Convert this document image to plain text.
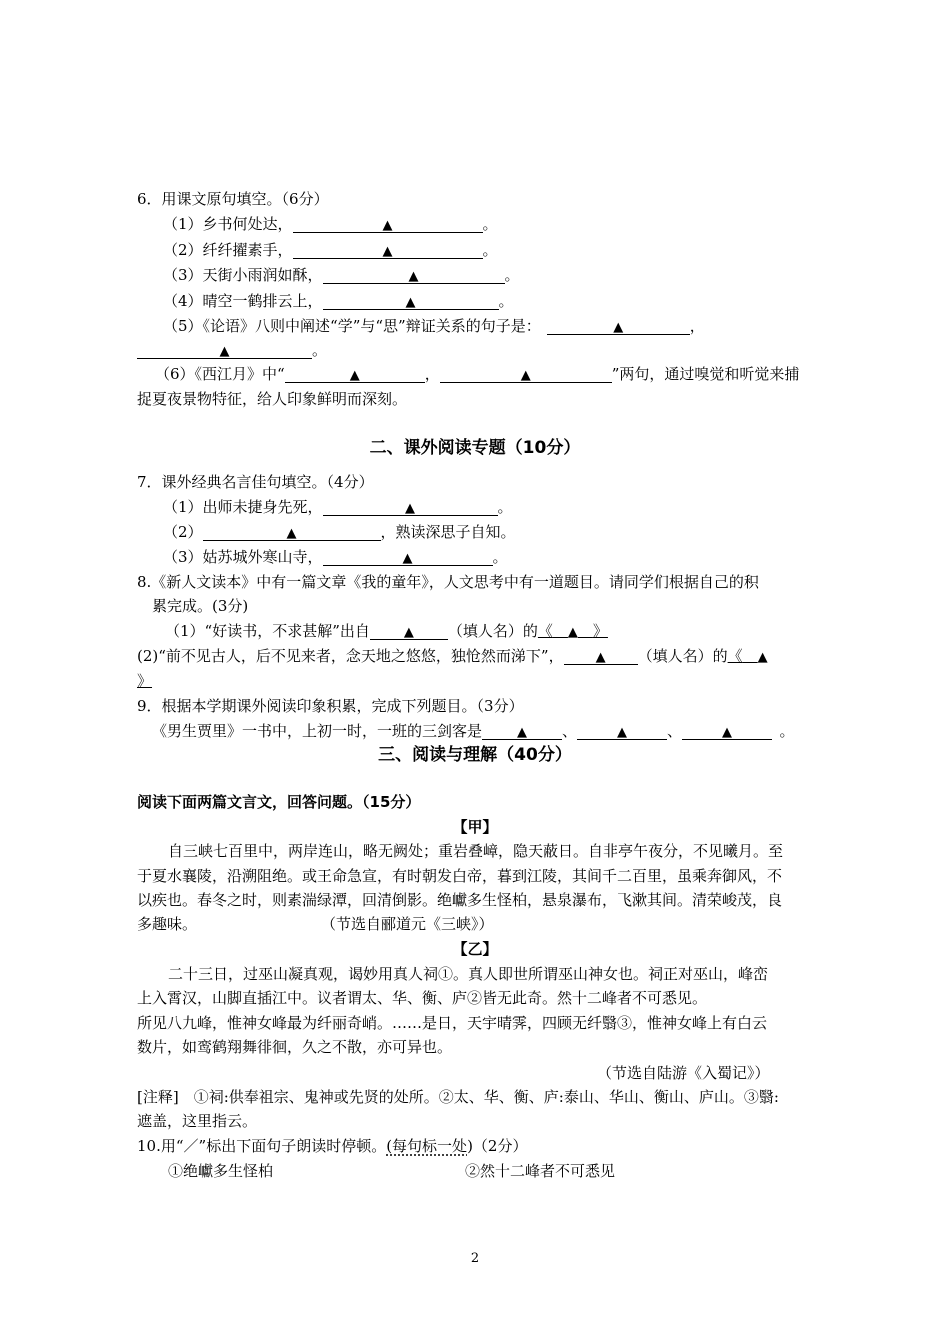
6．用课文原句填空。（6分）
（1）乡书何处达，	▲	。
（2）纤纤擢素手，	▲	。
（3）天街小雨润如酥，	▲	。
（4）晴空一鹤排云上，	▲	。
（5）《论语》八则中阐述“学”与“思”辩证关系的句子是：	▲	，
▲	。
（6）《西江月》中“	▲	，	▲	”两句，通过嗅觉和听觉来捕
捉夏夜景物特征，给人印象鲜明而深刻。
二、课外阅读专题（10分）
7．课外经典名言佳句填空。（4分）
（1）出师未捷身先死，	▲	。
（2）	▲	，熟读深思子自知。
（3）姑苏城外寒山寺，	▲	。
8.《新人文读本》中有一篇文章《我的童年》，人文思考中有一道题目。请同学们根据自己的积
累完成。(3分)
（1）“好读书，不求甚解”出自	▲ （填人名）的《  ▲  》
(2)“前不见古人，后不见来者，念天地之悠悠，独怆然而涕下”， ▲ （填人名）的《  ▲
》
9．根据本学期课外阅读印象积累，完成下列题目。（3分）
《男生贾里》一书中，上初一时，一班的三剑客是	▲ 、	▲	、	▲ 	。
三、阅读与理解（40分）
阅读下面两篇文言文，回答问题。（15分）
【甲】
自三峡七百里中，两岸连山，略无阙处；重岩叠嶂，隐天蔽日。自非亭午夜分，不见曦月。至
于夏水襄陵，沿溯阻绝。或王命急宣，有时朝发白帝，暮到江陵，其间千二百里，虽乘奔御风，不
以疾也。春冬之时，则素湍绿潭，回清倒影。绝巘多生怪柏，悬泉瀑布，飞漱其间。清荣峻茂，良
多趣味。	（节选自郦道元《三峡》）
【乙】
二十三日，过巫山凝真观，谒妙用真人祠①。真人即世所谓巫山神女也。祠正对巫山，峰峦
上入霄汉，山脚直插江中。议者谓太、华、衡、庐②皆无此奇。然十二峰者不可悉见。
所见八九峰，惟神女峰最为纤丽奇峭。……是日，天宇晴霁，四顾无纤翳③，惟神女峰上有白云
数片，如鸾鹤翔舞徘徊，久之不散，亦可异也。
（节选自陆游《入蜀记》）
[注释]　①祠:供奉祖宗、鬼神或先贤的处所。②太、华、衡、庐:泰山、华山、衡山、庐山。③翳:
遮盖，这里指云。
10.用“／”标出下面句子朗读时停顿。(每句标一处)（2分）
①绝巘多生怪柏	②然十二峰者不可悉见
2
